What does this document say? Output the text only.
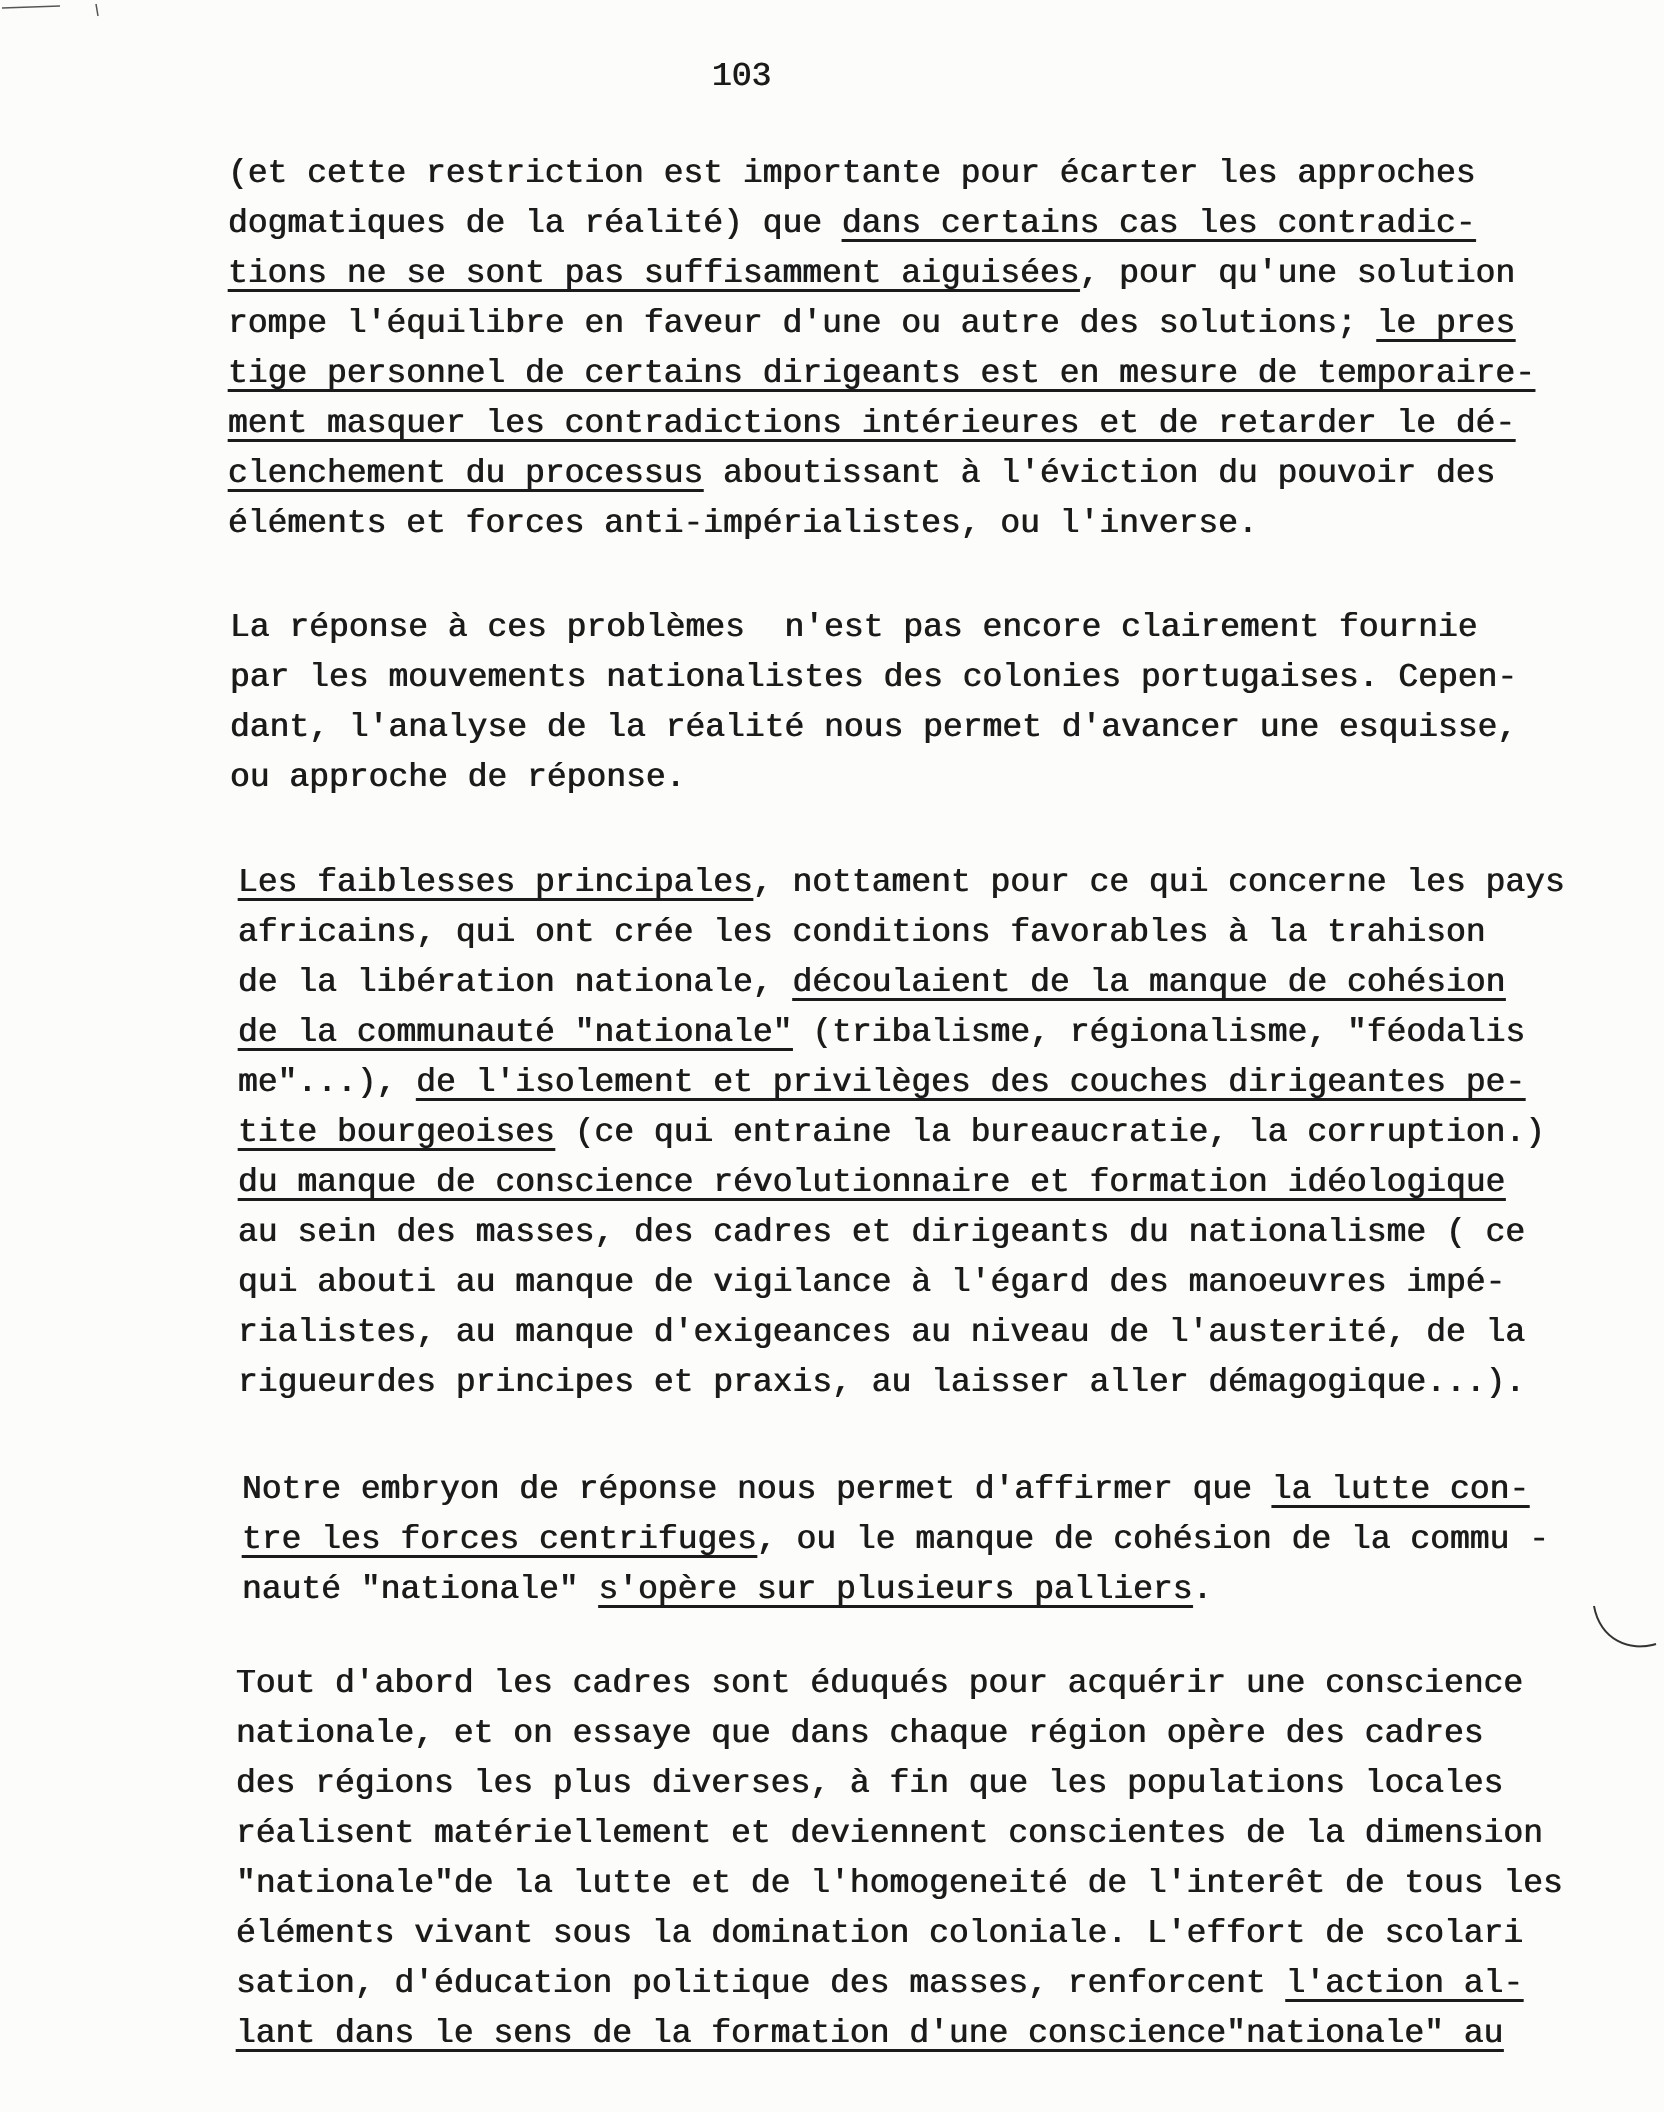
103
(et cette restriction est importante pour écarter les approches
dogmatiques de la réalité) que dans certains cas les contradic-
tions ne se sont pas suffisamment aiguisées, pour qu'une solution
rompe l'équilibre en faveur d'une ou autre des solutions; le pres
tige personnel de certains dirigeants est en mesure de temporaire-
ment masquer les contradictions intérieures et de retarder le dé-
clenchement du processus aboutissant à l'éviction du pouvoir des
éléments et forces anti-impérialistes, ou l'inverse.
La réponse à ces problèmes  n'est pas encore clairement fournie
par les mouvements nationalistes des colonies portugaises. Cepen-
dant, l'analyse de la réalité nous permet d'avancer une esquisse,
ou approche de réponse.
Les faiblesses principales, nottament pour ce qui concerne les pays
africains, qui ont crée les conditions favorables à la trahison
de la libération nationale, découlaient de la manque de cohésion
de la communauté "nationale" (tribalisme, régionalisme, "féodalis
me"...), de l'isolement et privilèges des couches dirigeantes pe-
tite bourgeoises (ce qui entraine la bureaucratie, la corruption.)
du manque de conscience révolutionnaire et formation idéologique
au sein des masses, des cadres et dirigeants du nationalisme ( ce
qui abouti au manque de vigilance à l'égard des manoeuvres impé-
rialistes, au manque d'exigeances au niveau de l'austerité, de la
rigueurdes principes et praxis, au laisser aller démagogique...).
Notre embryon de réponse nous permet d'affirmer que la lutte con-
tre les forces centrifuges, ou le manque de cohésion de la commu -
nauté "nationale" s'opère sur plusieurs palliers.
Tout d'abord les cadres sont éduqués pour acquérir une conscience
nationale, et on essaye que dans chaque région opère des cadres
des régions les plus diverses, à fin que les populations locales
réalisent matériellement et deviennent conscientes de la dimension
"nationale"de la lutte et de l'homogeneité de l'interêt de tous les
éléments vivant sous la domination coloniale. L'effort de scolari
sation, d'éducation politique des masses, renforcent l'action al-
lant dans le sens de la formation d'une conscience"nationale" au
